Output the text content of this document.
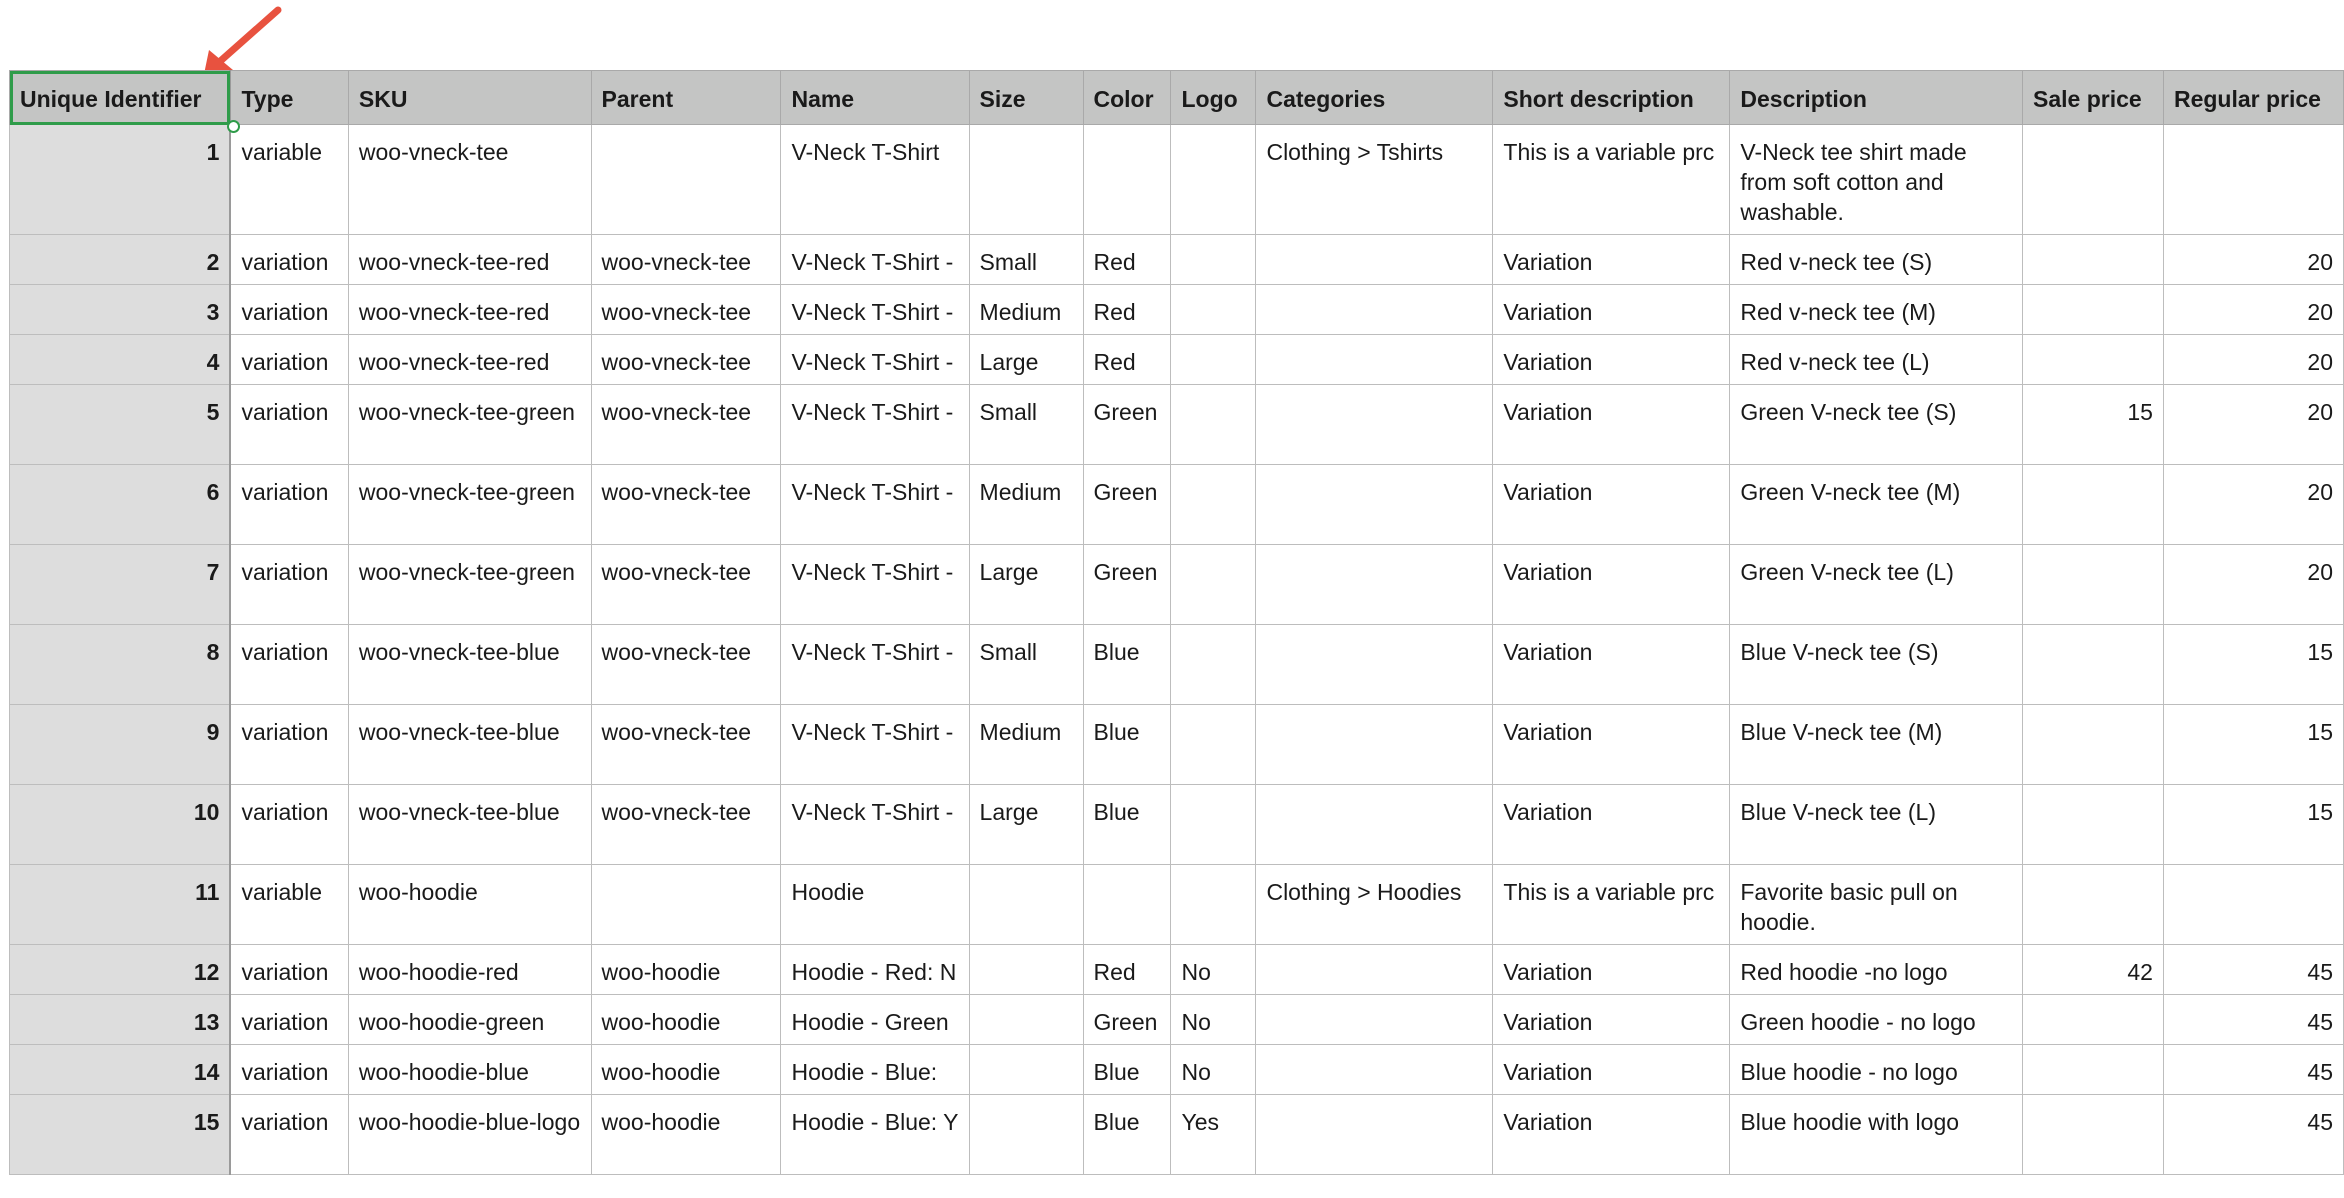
Unique Identifier	Type	SKU	Parent	Name	Size	Color	Logo	Categories	Short description	Description	Sale price	Regular price
1	variable	woo-vneck-tee		V-Neck T-Shirt				Clothing > Tshirts	This is a variable prc	V-Neck tee shirt made from soft cotton and washable.		
2	variation	woo-vneck-tee-red	woo-vneck-tee	V-Neck T-Shirt -	Small	Red			Variation	Red v-neck tee (S)		20
3	variation	woo-vneck-tee-red	woo-vneck-tee	V-Neck T-Shirt -	Medium	Red			Variation	Red v-neck tee (M)		20
4	variation	woo-vneck-tee-red	woo-vneck-tee	V-Neck T-Shirt -	Large	Red			Variation	Red v-neck tee (L)		20
5	variation	woo-vneck-tee-green	woo-vneck-tee	V-Neck T-Shirt -	Small	Green			Variation	Green V-neck tee (S)	15	20
6	variation	woo-vneck-tee-green	woo-vneck-tee	V-Neck T-Shirt -	Medium	Green			Variation	Green V-neck tee (M)		20
7	variation	woo-vneck-tee-green	woo-vneck-tee	V-Neck T-Shirt -	Large	Green			Variation	Green V-neck tee (L)		20
8	variation	woo-vneck-tee-blue	woo-vneck-tee	V-Neck T-Shirt -	Small	Blue			Variation	Blue V-neck tee (S)		15
9	variation	woo-vneck-tee-blue	woo-vneck-tee	V-Neck T-Shirt -	Medium	Blue			Variation	Blue V-neck tee (M)		15
10	variation	woo-vneck-tee-blue	woo-vneck-tee	V-Neck T-Shirt -	Large	Blue			Variation	Blue V-neck tee (L)		15
11	variable	woo-hoodie		Hoodie				Clothing > Hoodies	This is a variable prc	Favorite basic pull on hoodie.		
12	variation	woo-hoodie-red	woo-hoodie	Hoodie - Red: N		Red	No		Variation	Red hoodie -no logo	42	45
13	variation	woo-hoodie-green	woo-hoodie	Hoodie - Green		Green	No		Variation	Green hoodie - no logo		45
14	variation	woo-hoodie-blue	woo-hoodie	Hoodie - Blue:		Blue	No		Variation	Blue hoodie - no logo		45
15	variation	woo-hoodie-blue-logo	woo-hoodie	Hoodie - Blue: Y		Blue	Yes		Variation	Blue hoodie with logo		45
